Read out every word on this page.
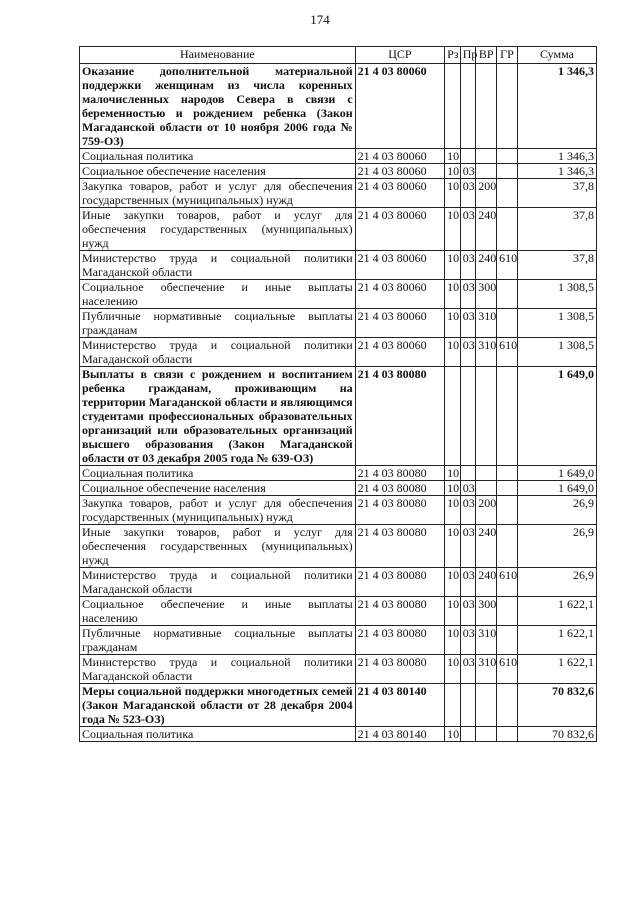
174
Наименование	ЦСР	Рз	Пр	ВР	ГР	Сумма
Оказание дополнительной материальной поддержки женщинам из числа коренных малочисленных народов Севера в связи с беременностью и рождением ребенка (Закон Магаданской области от 10 ноября 2006 года № 759-ОЗ)	21 4 03 80060					1 346,3
Социальная политика	21 4 03 80060	10				1 346,3
Социальное обеспечение населения	21 4 03 80060	10	03			1 346,3
Закупка товаров, работ и услуг для обеспечения государственных (муниципальных) нужд	21 4 03 80060	10	03	200		37,8
Иные закупки товаров, работ и услуг для обеспечения государственных (муниципальных) нужд	21 4 03 80060	10	03	240		37,8
Министерство труда и социальной политики Магаданской области	21 4 03 80060	10	03	240	610	37,8
Социальное обеспечение и иные выплаты населению	21 4 03 80060	10	03	300		1 308,5
Публичные нормативные социальные выплаты гражданам	21 4 03 80060	10	03	310		1 308,5
Министерство труда и социальной политики Магаданской области	21 4 03 80060	10	03	310	610	1 308,5
Выплаты в связи с рождением и воспитанием ребенка гражданам, проживающим на территории Магаданской области и являющимся студентами профессиональных образовательных организаций или образовательных организаций высшего образования (Закон Магаданской области от 03 декабря 2005 года № 639-ОЗ)	21 4 03 80080					1 649,0
Социальная политика	21 4 03 80080	10				1 649,0
Социальное обеспечение населения	21 4 03 80080	10	03			1 649,0
Закупка товаров, работ и услуг для обеспечения государственных (муниципальных) нужд	21 4 03 80080	10	03	200		26,9
Иные закупки товаров, работ и услуг для обеспечения государственных (муниципальных) нужд	21 4 03 80080	10	03	240		26,9
Министерство труда и социальной политики Магаданской области	21 4 03 80080	10	03	240	610	26,9
Социальное обеспечение и иные выплаты населению	21 4 03 80080	10	03	300		1 622,1
Публичные нормативные социальные выплаты гражданам	21 4 03 80080	10	03	310		1 622,1
Министерство труда и социальной политики Магаданской области	21 4 03 80080	10	03	310	610	1 622,1
Меры социальной поддержки многодетных семей (Закон Магаданской области от 28 декабря 2004 года № 523-ОЗ)	21 4 03 80140					70 832,6
Социальная политика	21 4 03 80140	10				70 832,6
